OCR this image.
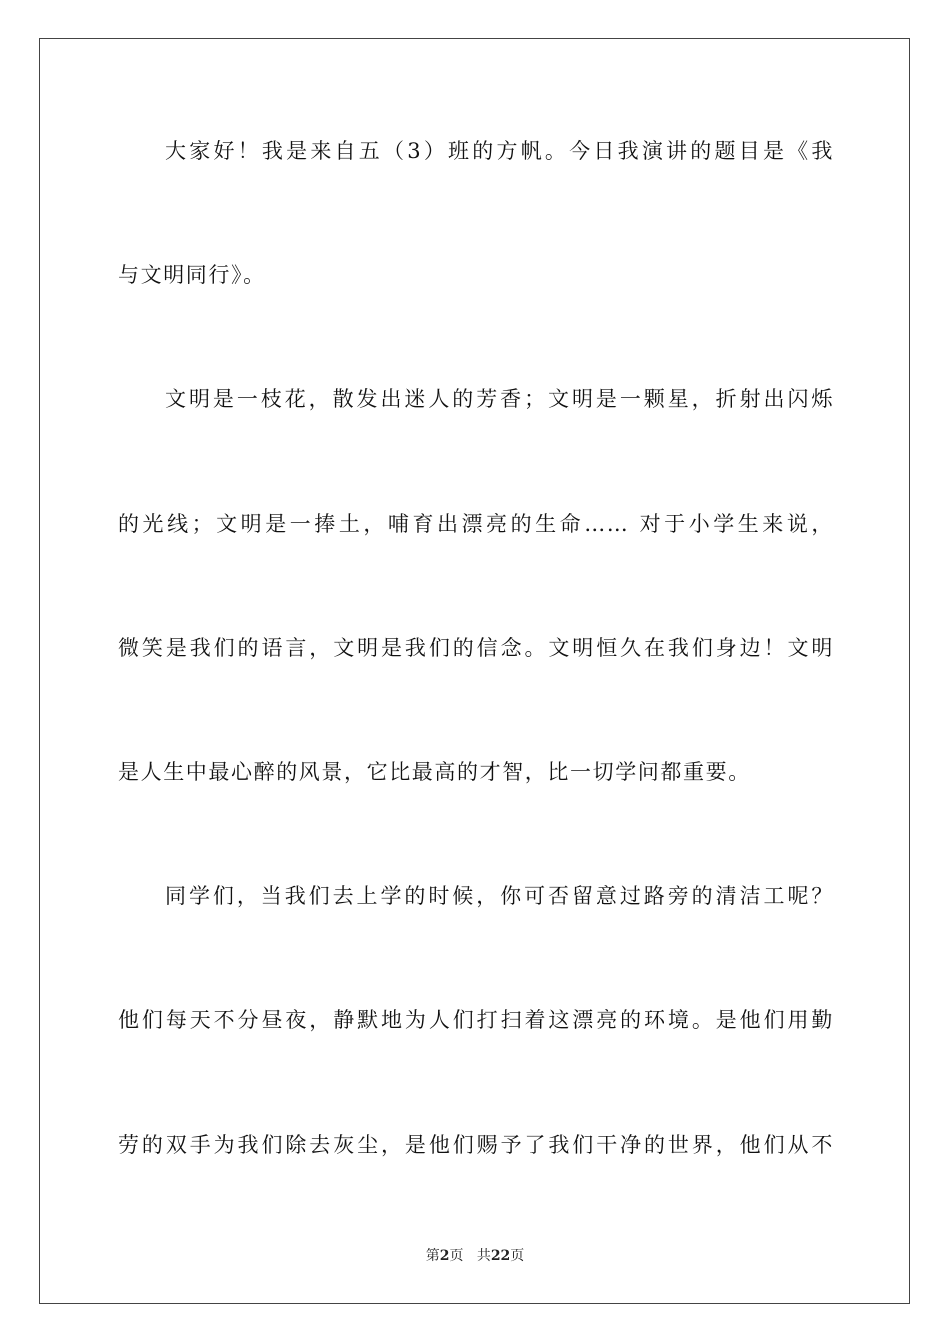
大家好！我是来自五（3）班的方帆。今日我演讲的题目是《我
与文明同行》。
文明是一枝花，散发出迷人的芳香；文明是一颗星，折射出闪烁
的光线；文明是一捧土，哺育出漂亮的生命…… 对于小学生来说，
微笑是我们的语言，文明是我们的信念。文明恒久在我们身边！文明
是人生中最心醉的风景，它比最高的才智，比一切学问都重要。
同学们，当我们去上学的时候，你可否留意过路旁的清洁工呢？
他们每天不分昼夜，静默地为人们打扫着这漂亮的环境。是他们用勤
劳的双手为我们除去灰尘，是他们赐予了我们干净的世界，他们从不
第2页 共22页
